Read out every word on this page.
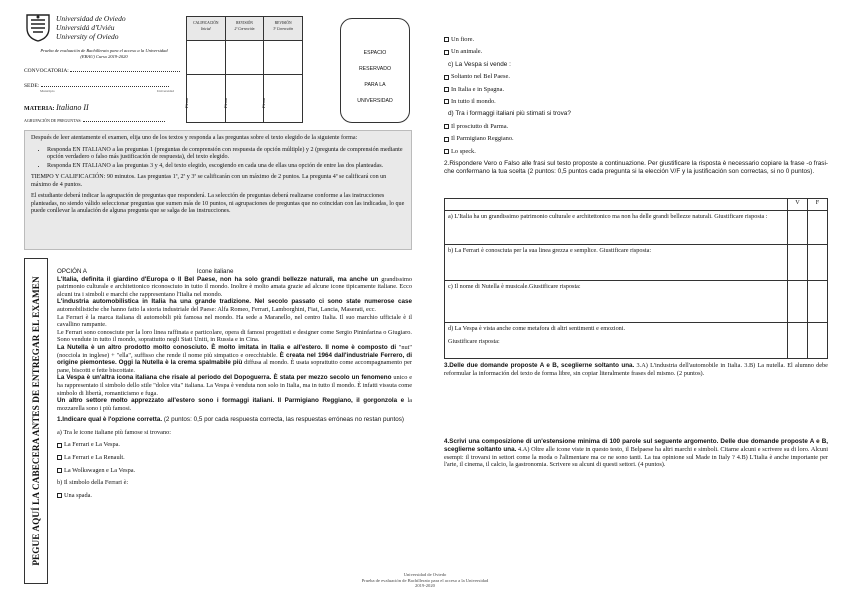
Universidad de Oviedo
Universidá d'Uviéu
University of Oviedo
Prueba de evaluación de Bachillerato para el acceso a la Universidad
(EBAU) Curso 2019-2020
CONVOCATORIA:
SEDE:
Municipio	Universidad
MATERIA: Italiano II
AGRUPACIÓN DE PREGUNTAS:
CALIFICACIÓN
Inicial
REVISIÓN
2ª Corrección
REVISIÓN
3ª Corrección
Firma	Firma	Firma
ESPACIO
RESERVADO
PARA LA
UNIVERSIDAD

Después de leer atentamente el examen, elija uno de los textos y responda a las preguntas sobre el texto elegido de la siguiente forma:

• Responda EN ITALIANO a las preguntas 1 (preguntas de comprensión con respuesta de opción múltiple) y 2 (pregunta de comprensión mediante opción verdadero o falso más justificación de respuesta), del texto elegido.
• Responda EN ITALIANO a las preguntas 3 y 4, del texto elegido, escogiendo en cada una de ellas una opción de entre las dos planteadas.

TIEMPO Y CALIFICACIÓN: 90 minutos. Las preguntas 1ª, 2ª y 3ª se calificarán con un máximo de 2 puntos. La pregunta 4ª se calificará con un máximo de 4 puntos.

El estudiante deberá indicar la agrupación de preguntas que responderá. La selección de preguntas deberá realizarse conforme a las instrucciones planteadas, no siendo válido seleccionar preguntas que sumen más de 10 puntos, ni agrupaciones de preguntas que no coincidan con las indicadas, lo que puede conllevar la anulación de alguna pregunta que se salga de las instrucciones.

PEGUE AQUÍ LA CABECERA ANTES DE ENTREGAR EL EXAMEN
OPCIÓN A	Icone italiane

L'Italia, definita il giardino d'Europa o Il Bel Paese, non ha solo grandi bellezze naturali, ma anche un grandissimo patrimonio culturale e architettonico riconosciuto in tutto il mondo. Inoltre è molto amata grazie ad alcune icone tipicamente italiane. Ecco alcuni tra i simboli e marchi che rappresentano l'Italia nel mondo.

L'industria automobilistica in Italia ha una grande tradizione. Nel secolo passato ci sono state numerose case automobilistiche che hanno fatto la storia industriale del Paese: Alfa Romeo, Ferrari, Lamborghini, Fiat, Lancia, Maserati, ecc.

La Ferrari è la marca italiana di automobili più famosa nel mondo. Ha sede a Maranello, nel centro Italia. Il suo marchio ufficiale è il cavallino rampante.

Le Ferrari sono conosciute per la loro linea raffinata e particolare, opera di famosi progettisti e designer come Sergio Pininfarina o Giugiaro. Sono vendute in tutto il mondo, soprattutto negli Stati Uniti, in Russia e in Cina.

La Nutella è un altro prodotto molto conosciuto. È molto imitata in Italia e all'estero. Il nome è composto di "nut" (nocciola in inglese) + "ella", suffisso che rende il nome più simpatico e orecchiabile. È creata nel 1964 dall'industriale Ferrero, di origine piemontese. Oggi la Nutella è la crema spalmabile più diffusa al mondo. È usata soprattutto come accompagnamento per pane, biscotti e fette biscottate.

La Vespa è un'altra icona italiana che risale al periodo del Dopoguerra. È stata per mezzo secolo un fenomeno unico e ha rappresentato il simbolo dello stile "dolce vita" italiana. La Vespa è venduta non solo in Italia, ma in tutto il mondo. È infatti vissuta come simbolo di libertà, romanticismo e fuga.

Un altro settore molto apprezzato all'estero sono i formaggi italiani. Il Parmigiano Reggiano, il gorgonzola e la mozzarella sono i più famosi.

1.Indicare qual è l'opzione corretta. (2 puntos: 0,5 por cada respuesta correcta, las respuestas erróneas no restan puntos)

a) Tra le icone italiane più famose si trovano:
La Ferrari e La Vespa.
La Ferrari e La Renault.
La Wolkswagen e La Vespa.
b) Il simbolo della Ferrari è:
Una spada.
Un fiore.
Un animale.
c) La Vespa si vende :
Soltanto nel Bel Paese.
In Italia e in Spagna.
In tutto il mondo.
d) Tra i formaggi italiani più stimati si trova?
Il prosciutto di Parma.
Il Parmigiano Reggiano.
Lo speck.
2.Rispondere Vero o Falso alle frasi sul testo proposte a continuazione. Per giustificare la risposta è necessario copiare la frase -o frasi- che confermano la tua scelta (2 puntos: 0,5 puntos cada pregunta si la elección V/F y la justificación son correctas, si no 0 puntos).
	V	F
a) L'Italia ha un grandissimo patrimonio culturale e architettonico ma non ha delle grandi bellezze naturali. Giustificare risposta :		
b) La Ferrari è conosciuta per la sua linea grezza e semplice. Giustificare risposta:		
c) Il nome di Nutella è musicale.Giustificare risposta:		

d) La Vespa è vista anche come metafora di altri sentimenti e emozioni.
Giustificare risposta:		

3.Delle due domande proposte A e B, sceglierne soltanto una. 3.A) L'industria dell'automobile in Italia. 3.B) La nutella. El alumno debe reformular la información del texto de forma libre, sin copiar literalmente frases del mismo. (2 puntos).
4.Scrivi una composizione di un'estensione minima di 100 parole sul seguente argomento. Delle due domande proposte A e B, sceglierne soltanto una. 4.A) Oltre alle icone viste in questo testo, il Belpaese ha altri marchi e simboli. Citarne alcuni e scrivere su di loro. Alcuni esempi: il trovarsi in settori come la moda o l'alimentare ma ce ne sono tanti. La tua opinione sul Made in Italy ? 4.B) L'Italia è anche importante per l'arte, il cinema, il calcio, la gastronomia. Scrivere su alcuni di questi settori. (4 puntos).
Universidad de Oviedo
Prueba de evaluación de Bachillerato para el acceso a la Universidad
2019-2020
